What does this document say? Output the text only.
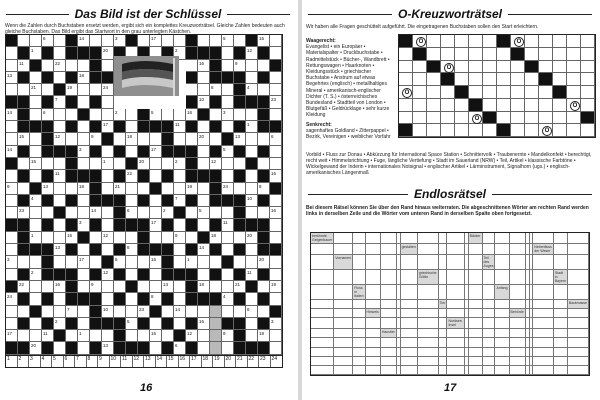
Das Bild ist der Schlüssel
Wenn die Zahlen durch Buchstaben ersetzt werden, ergibt sich ein komplettes Kreuzworträtsel. Gleiche Zahlen bedeuten auch gleiche Buchstaben. Das Bild ergibt das Startwort in den grau unterlegten Kästchen.
6	14	3	17	5	15
1	20	2	12
11	22	16	9
13	18
21	19	24	8	4
7	10	23
14	6	2	5	16	3
17	11	1
15	12	9	18	20	13	6
14	3	17	5
15	1	20	2	12
11	22	16
9	13	18	21	19	24	8
4	7	10
23	14	6	2	5	16
3	17	11
1	15	12	9	18	20
13	6	14
3	17	5	15	1	20
2	12	11
22	16	9	13	18	21	19
24	8	4
7	10	23	14	6
2	5	16	3
17	11	1	15	12	9	18
20	13	6
1	2	3	4	5	6	7	8	9	10	11	12	13	14	15	16	17	18	19	20	21	22	23	24
16
O-Kreuzworträtsel
Wir haben alle Fragen geschüttelt aufgeführt. Die eingetragenen Buchstaben sollen den Start erleichtern.
Waagerecht:
Evangelist • ein Europäer • Materialspalter • Druckbuchstabe • Radmittelstück • Bücher-, Wandbrett • Rettungswagen • Haarknoten • Kleidungsstück • griechischer Buchstabe • Anstrum auf etwas Begehrtes (englisch) • metallhaltiges Mineral • amerikanisch-englischer Dichter (T. S.) • österreichisches Bundesland • Stadtteil von London • Blutgefäß • Geldrücklage • sehr kurze Kleidung
Senkrecht:
sagenhaftes Goldland • Zitterpappel • Bezirk, Vereinigen • weiblicher Vorfahr
O	O
O
O
O
O
O
Vorbild • Fluss zur Donau • Abkürzung für International Space Station • Schnittervolk • Traubenernte • Mandelkonfekt • berechtigt, recht weit • Himmelsrichtung • Fuge, längliche Vertiefung • Stadt im Sauerland (NRW) • Teil, Artikel • klassische Farbtöne • Wickelgewand der Inderin • internationales Notsignal • englischer Artikel • Lärminstrument, Signalhorn (ugs.) • englisch-amerikanisches Längenmaß
Endlosrätsel
Bei diesem Rätsel können Sie über den Rand hinaus weiterraten. Die abgeschnittenen Wörter am rechten Rand werden links in derselben Zeile und die Wörter vom unteren Rand in derselben Spalte oben fortgesetzt.
berühmte Geigenbauer
Bäcker
gestalten	Nebenfluss der Weser
Vornamen	Teil des Auges
griechische Göttin
Stadt in Bayern
Fluss in Italien
Anfang
Tier	Backmasse
Hinweis	Behörde
Nordsee-Insel
Haustier
17
